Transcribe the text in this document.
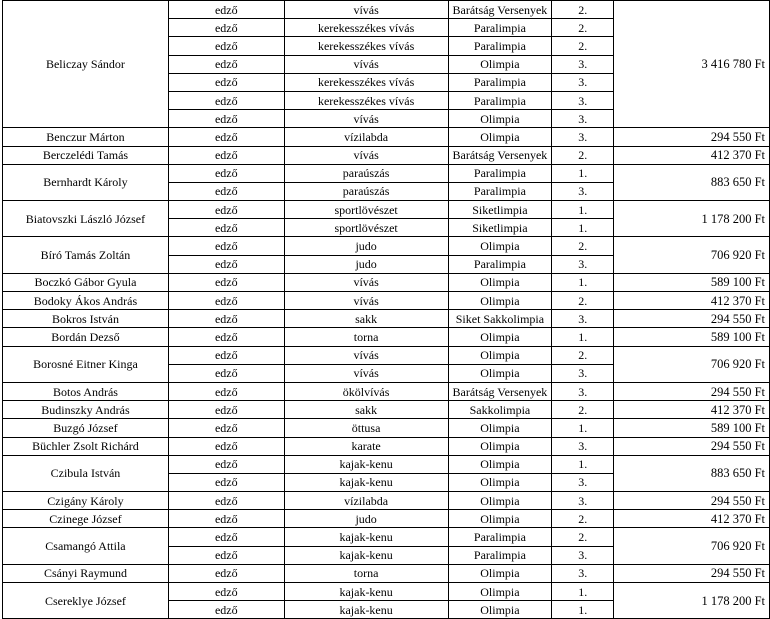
Beliczay Sándor	edző	vívás	Barátság Versenyek	2.	3 416 780 Ft
	edző	kerekesszékes vívás	Paralimpia	2.	
	edző	kerekesszékes vívás	Paralimpia	2.	
	edző	vívás	Olimpia	3.	
	edző	kerekesszékes vívás	Paralimpia	3.	
	edző	kerekesszékes vívás	Paralimpia	3.	
	edző	vívás	Olimpia	3.	
Benczur Márton	edző	vízilabda	Olimpia	3.	294 550 Ft
Berczelédi Tamás	edző	vívás	Barátság Versenyek	2.	412 370 Ft
Bernhardt Károly	edző	paraúszás	Paralimpia	1.	883 650 Ft
	edző	paraúszás	Paralimpia	3.	
Biatovszki László József	edző	sportlövészet	Siketlimpia	1.	1 178 200 Ft
	edző	sportlövészet	Siketlimpia	1.	
Bíró Tamás Zoltán	edző	judo	Olimpia	2.	706 920 Ft
	edző	judo	Paralimpia	3.	
Boczkó Gábor Gyula	edző	vívás	Olimpia	1.	589 100 Ft
Bodoky Ákos András	edző	vívás	Olimpia	2.	412 370 Ft
Bokros István	edző	sakk	Siket Sakkolimpia	3.	294 550 Ft
Bordán Dezső	edző	torna	Olimpia	1.	589 100 Ft
Borosné Eitner Kinga	edző	vívás	Olimpia	2.	706 920 Ft
	edző	vívás	Olimpia	3.	
Botos András	edző	ökölvívás	Barátság Versenyek	3.	294 550 Ft
Budinszky András	edző	sakk	Sakkolimpia	2.	412 370 Ft
Buzgó József	edző	öttusa	Olimpia	1.	589 100 Ft
Büchler Zsolt Richárd	edző	karate	Olimpia	3.	294 550 Ft
Czibula István	edző	kajak-kenu	Olimpia	1.	883 650 Ft
	edző	kajak-kenu	Olimpia	3.	
Czigány Károly	edző	vízilabda	Olimpia	3.	294 550 Ft
Czinege József	edző	judo	Olimpia	2.	412 370 Ft
Csamangó Attila	edző	kajak-kenu	Paralimpia	2.	706 920 Ft
	edző	kajak-kenu	Paralimpia	3.	
Csányi Raymund	edző	torna	Olimpia	3.	294 550 Ft
Csereklye József	edző	kajak-kenu	Olimpia	1.	1 178 200 Ft
	edző	kajak-kenu	Olimpia	1.	
